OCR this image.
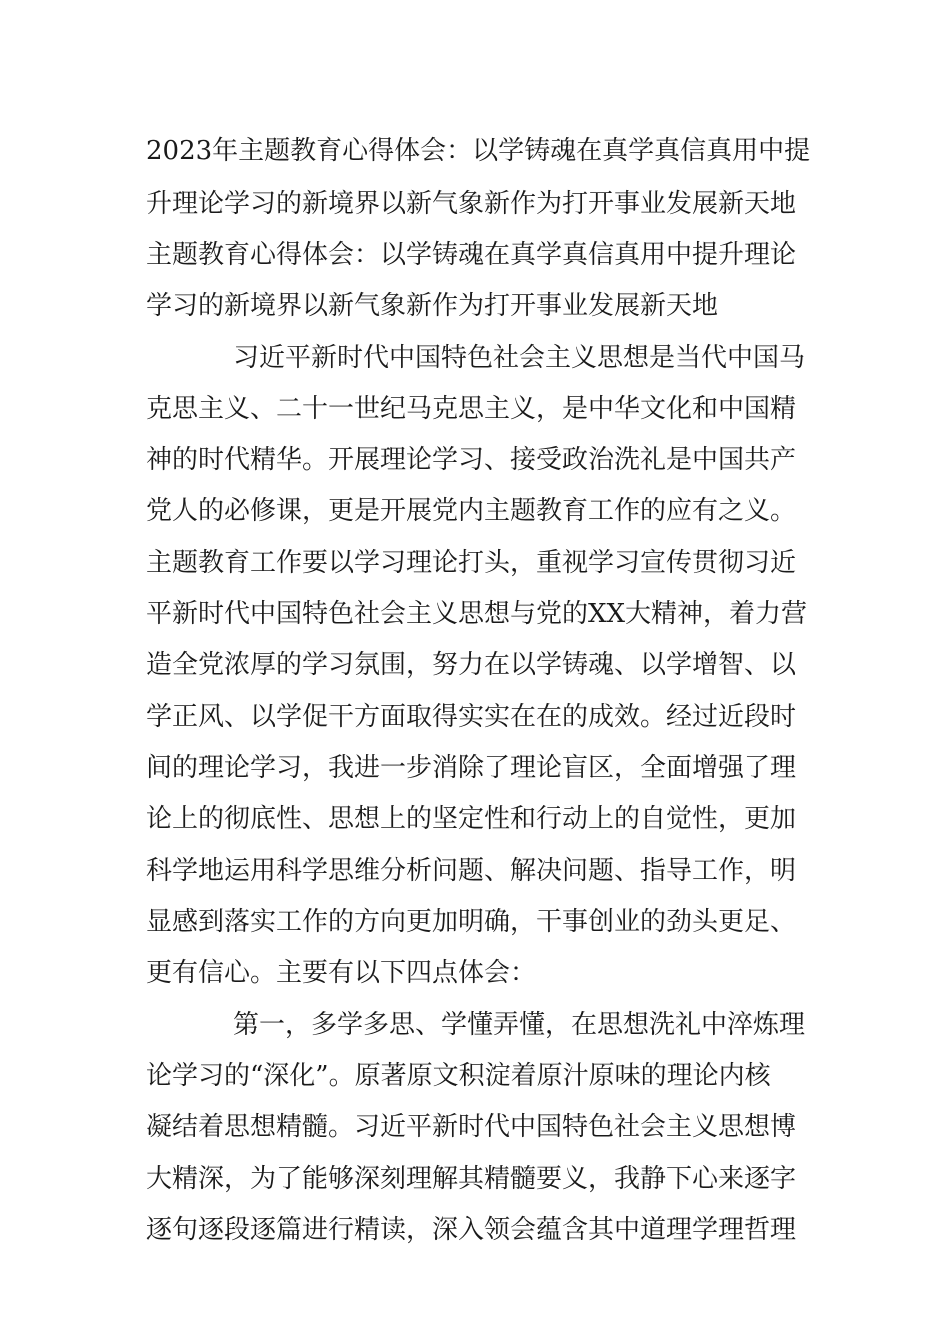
2023年主题教育心得体会：以学铸魂在真学真信真用中提
升理论学习的新境界以新气象新作为打开事业发展新天地
主题教育心得体会：以学铸魂在真学真信真用中提升理论
学习的新境界以新气象新作为打开事业发展新天地
习近平新时代中国特色社会主义思想是当代中国马
克思主义、二十一世纪马克思主义，是中华文化和中国精
神的时代精华。开展理论学习、接受政治洗礼是中国共产
党人的必修课，更是开展党内主题教育工作的应有之义。
主题教育工作要以学习理论打头，重视学习宣传贯彻习近
平新时代中国特色社会主义思想与党的XX大精神，着力营
造全党浓厚的学习氛围，努力在以学铸魂、以学增智、以
学正风、以学促干方面取得实实在在的成效。经过近段时
间的理论学习，我进一步消除了理论盲区，全面增强了理
论上的彻底性、思想上的坚定性和行动上的自觉性，更加
科学地运用科学思维分析问题、解决问题、指导工作，明
显感到落实工作的方向更加明确，干事创业的劲头更足、
更有信心。主要有以下四点体会：
第一，多学多思、学懂弄懂，在思想洗礼中淬炼理
论学习的“深化”。原著原文积淀着原汁原味的理论内核
凝结着思想精髓。习近平新时代中国特色社会主义思想博
大精深，为了能够深刻理解其精髓要义，我静下心来逐字
逐句逐段逐篇进行精读，深入领会蕴含其中道理学理哲理
